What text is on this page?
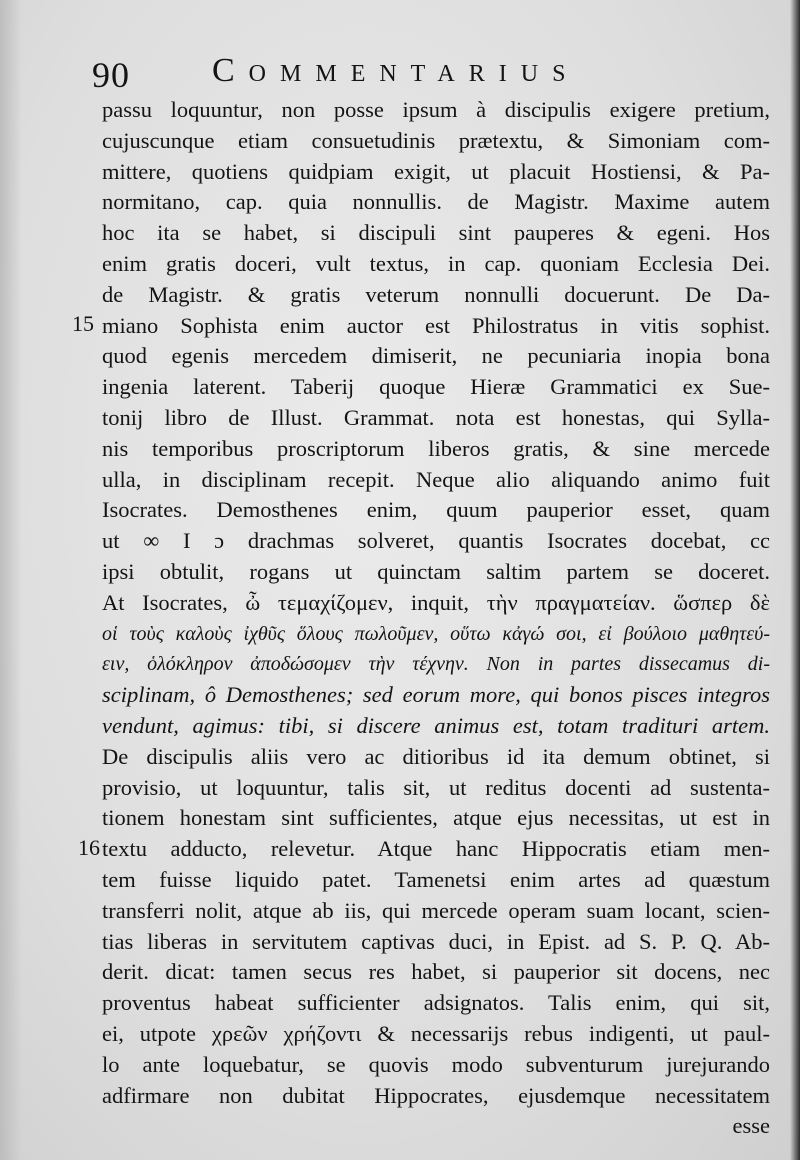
90 Commentarius
15
16
passu loquuntur, non posse ipsum à discipulis exigere pretium,
cujuscunque etiam consuetudinis prætextu, & Simoniam com-
mittere, quotiens quidpiam exigit, ut placuit Hostiensi, & Pa-
normitano, cap. quia nonnullis. de Magistr. Maxime autem
hoc ita se habet, si discipuli sint pauperes & egeni. Hos
enim gratis doceri, vult textus, in cap. quoniam Ecclesia Dei.
de Magistr. & gratis veterum nonnulli docuerunt. De Da-
miano Sophista enim auctor est Philostratus in vitis sophist.
quod egenis mercedem dimiserit, ne pecuniaria inopia bona
ingenia laterent. Taberij quoque Hieræ Grammatici ex Sue-
tonij libro de Illust. Grammat. nota est honestas, qui Sylla-
nis temporibus proscriptorum liberos gratis, & sine mercede
ulla, in disciplinam recepit. Neque alio aliquando animo fuit
Isocrates. Demosthenes enim, quum pauperior esset, quam
ut ∞ I ɔ drachmas solveret, quantis Isocrates docebat, cc
ipsi obtulit, rogans ut quinctam saltim partem se doceret.
At Isocrates, ὦ τεμαχίζομεν, inquit, τὴν πραγματείαν. ὥσπερ δὲ
οἱ τοὺς καλοὺς ἰχθῦς ὅλους πωλοῦμεν, οὕτω κἀγώ σοι, εἰ βούλοιο μαθητεύ-
ειν, ὁλόκληρον ἀποδώσομεν τὴν τέχνην. Non in partes dissecamus di-
sciplinam, ô Demosthenes; sed eorum more, qui bonos pisces integros
vendunt, agimus: tibi, si discere animus est, totam tradituri artem.
De discipulis aliis vero ac ditioribus id ita demum obtinet, si
provisio, ut loquuntur, talis sit, ut reditus docenti ad sustenta-
tionem honestam sint sufficientes, atque ejus necessitas, ut est in
textu adducto, relevetur. Atque hanc Hippocratis etiam men-
tem fuisse liquido patet. Tamenetsi enim artes ad quæstum
transferri nolit, atque ab iis, qui mercede operam suam locant, scien-
tias liberas in servitutem captivas duci, in Epist. ad S. P. Q. Ab-
derit. dicat: tamen secus res habet, si pauperior sit docens, nec
proventus habeat sufficienter adsignatos. Talis enim, qui sit,
ei, utpote χρεῶν χρήζοντι & necessarijs rebus indigenti, ut paul-
lo ante loquebatur, se quovis modo subventurum jurejurando
adfirmare non dubitat Hippocrates, ejusdemque necessitatem
esse
